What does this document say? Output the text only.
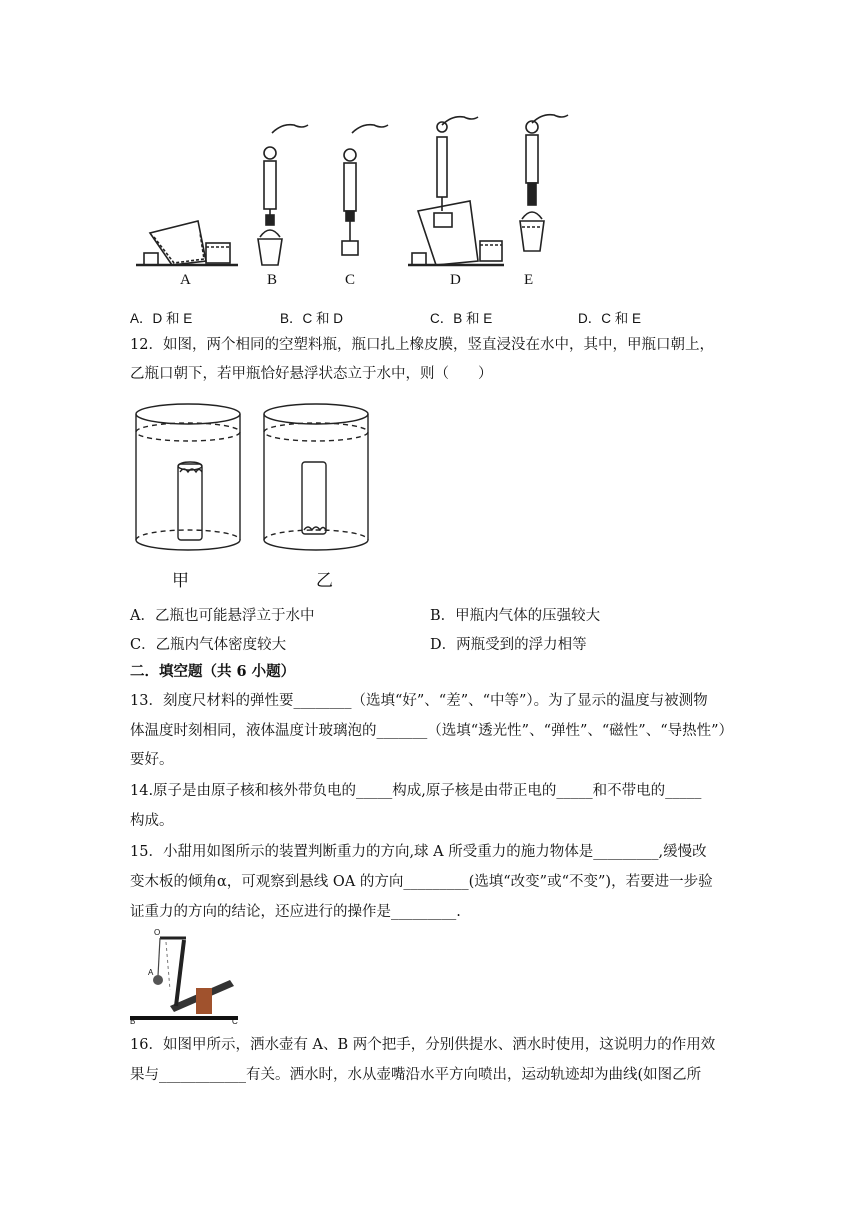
A	B	C	D	E
A．D 和 E	B．C 和 D	C．B 和 E	D．C 和 E
12．如图，两个相同的空塑料瓶，瓶口扎上橡皮膜，竖直浸没在水中，其中，甲瓶口朝上，
乙瓶口朝下，若甲瓶恰好悬浮状态立于水中，则（　　）
甲	乙
A．乙瓶也可能悬浮立于水中	B．甲瓶内气体的压强较大
C．乙瓶内气体密度较大	D．两瓶受到的浮力相等
二．填空题（共 6 小题）
13．刻度尺材料的弹性要________（选填“好”、“差”、“中等”）。为了显示的温度与被测物
体温度时刻相同，液体温度计玻璃泡的_______（选填“透光性”、“弹性”、“磁性”、“导热性”）
要好。
14.原子是由原子核和核外带负电的_____构成,原子核是由带正电的_____和不带电的_____
构成。
15．小甜用如图所示的装置判断重力的方向,球 A 所受重力的施力物体是_________,缓慢改
变木板的倾角α，可观察到悬线 OA 的方向_________(选填“改变”或“不变”)，若要进一步验
证重力的方向的结论，还应进行的操作是_________.
O
A
B	C
16．如图甲所示，洒水壶有 A、B 两个把手，分别供提水、洒水时使用，这说明力的作用效
果与____________有关。洒水时，水从壶嘴沿水平方向喷出，运动轨迹却为曲线(如图乙所
